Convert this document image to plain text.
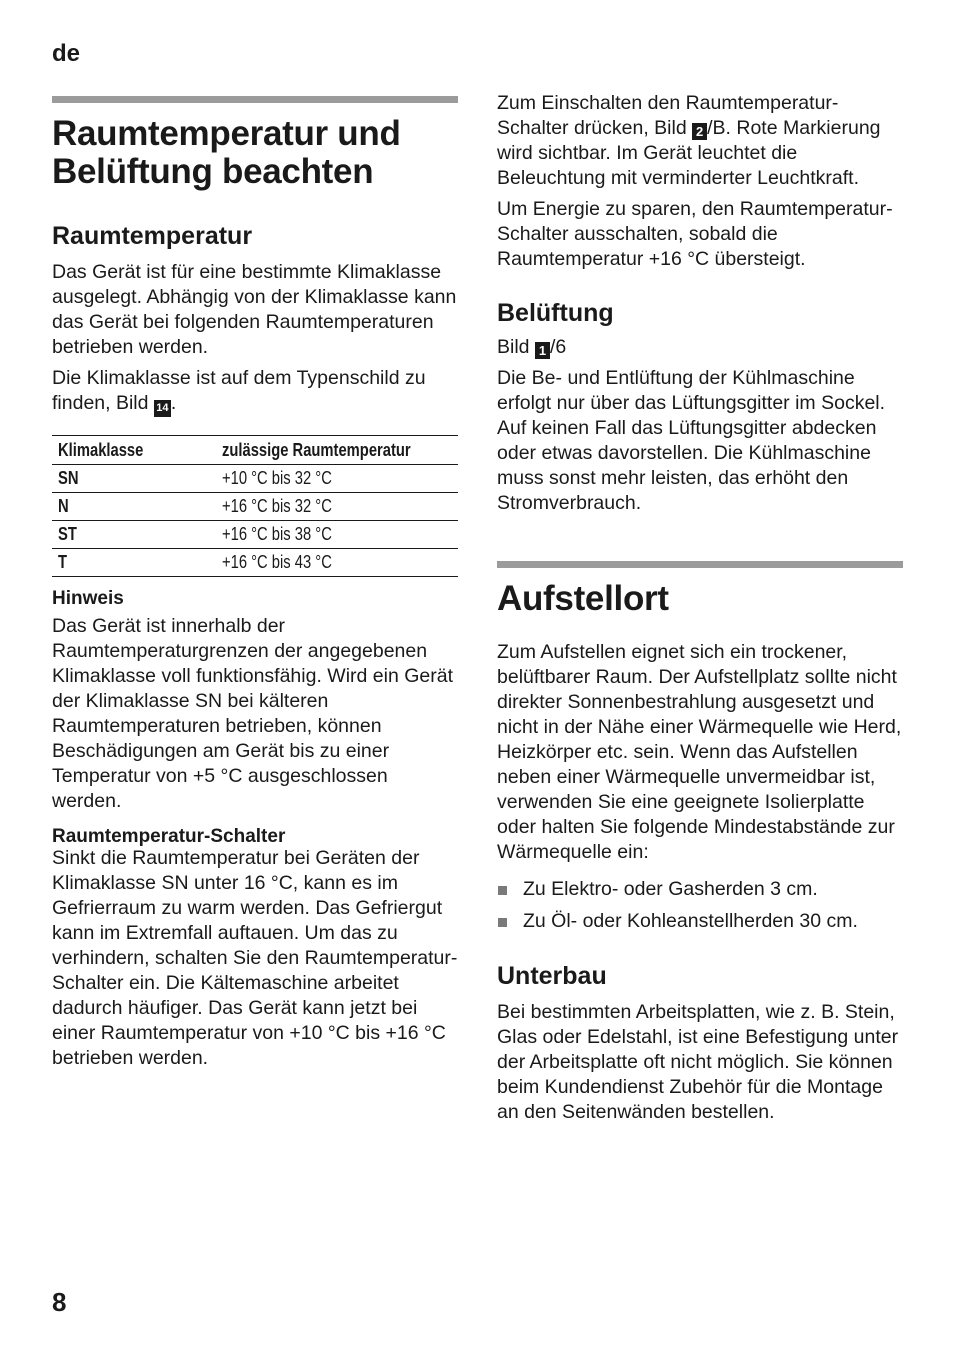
de
Raumtemperatur und Belüftung beachten
Raumtemperatur

Das Gerät ist für eine bestimmte Klimaklasse ausgelegt. Abhängig von der Klimaklasse kann das Gerät bei folgenden Raumtemperaturen betrieben werden.

Die Klimaklasse ist auf dem Typenschild zu finden, Bild 14 .

Klimaklasse	zulässige Raumtemperatur
SN	+10 °C bis 32 °C
N	+16 °C bis 32 °C
ST	+16 °C bis 38 °C
T	+16 °C bis 43 °C
Hinweis

Das Gerät ist innerhalb der Raumtemperaturgrenzen der angegebenen Klimaklasse voll funktionsfähig. Wird ein Gerät der Klimaklasse SN bei kälteren Raumtemperaturen betrieben, können Beschädigungen am Gerät bis zu einer Temperatur von +5 °C ausgeschlossen werden.

Raumtemperatur-Schalter

Sinkt die Raumtemperatur bei Geräten der Klimaklasse SN unter 16 °C, kann es im Gefrierraum zu warm werden. Das Gefriergut kann im Extremfall auftauen. Um das zu verhindern, schalten Sie den Raumtemperatur-Schalter ein. Die Kältemaschine arbeitet dadurch häufiger. Das Gerät kann jetzt bei einer Raumtemperatur von +10 °C bis +16 °C betrieben werden.

Zum Einschalten den Raumtemperatur-Schalter drücken, Bild 2 /B. Rote Markierung wird sichtbar. Im Gerät leuchtet die Beleuchtung mit verminderter Leuchtkraft.

Um Energie zu sparen, den Raumtemperatur-Schalter ausschalten, sobald die Raumtemperatur +16 °C übersteigt.

Belüftung

Bild 1 /6

Die Be- und Entlüftung der Kühlmaschine erfolgt nur über das Lüftungsgitter im Sockel. Auf keinen Fall das Lüftungsgitter abdecken oder etwas davorstellen. Die Kühlmaschine muss sonst mehr leisten, das erhöht den Stromverbrauch.

Aufstellort

Zum Aufstellen eignet sich ein trockener, belüftbarer Raum. Der Aufstellplatz sollte nicht direkter Sonnenbestrahlung ausgesetzt und nicht in der Nähe einer Wärmequelle wie Herd, Heizkörper etc. sein. Wenn das Aufstellen neben einer Wärmequelle unvermeidbar ist, verwenden Sie eine geeignete Isolierplatte oder halten Sie folgende Mindestabstände zur Wärmequelle ein:

Zu Elektro- oder Gasherden 3 cm.
Zu Öl- oder Kohleanstellherden 30 cm.
Unterbau

Bei bestimmten Arbeitsplatten, wie z. B. Stein, Glas oder Edelstahl, ist eine Befestigung unter der Arbeitsplatte oft nicht möglich. Sie können beim Kundendienst Zubehör für die Montage an den Seitenwänden bestellen.

8
